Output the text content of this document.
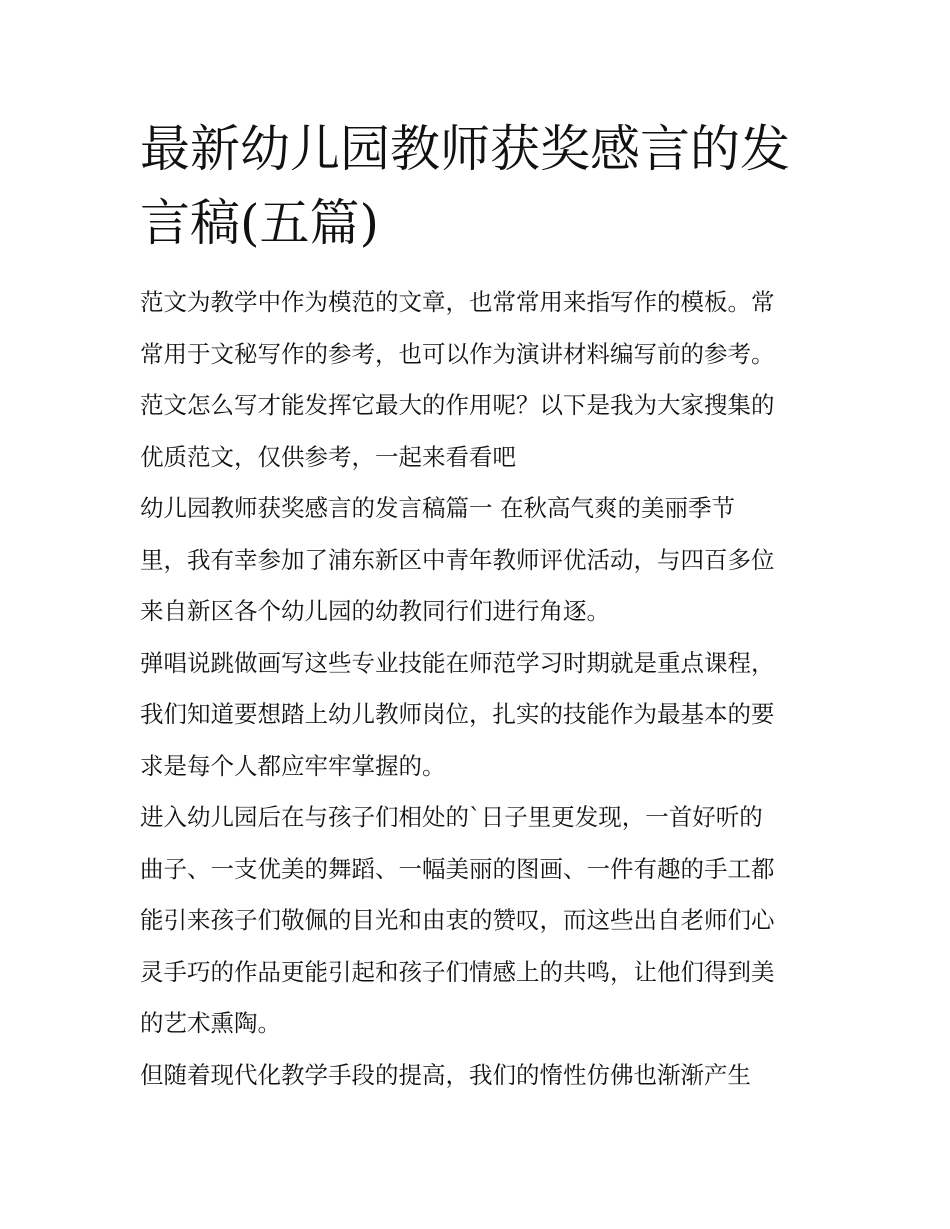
最新幼儿园教师获奖感言的发
言稿(五篇)
范文为教学中作为模范的文章，也常常用来指写作的模板。常
常用于文秘写作的参考，也可以作为演讲材料编写前的参考。
范文怎么写才能发挥它最大的作用呢？以下是我为大家搜集的
优质范文，仅供参考，一起来看看吧
幼儿园教师获奖感言的发言稿篇一 在秋高气爽的美丽季节
里，我有幸参加了浦东新区中青年教师评优活动，与四百多位
来自新区各个幼儿园的幼教同行们进行角逐。
弹唱说跳做画写这些专业技能在师范学习时期就是重点课程，
我们知道要想踏上幼儿教师岗位，扎实的技能作为最基本的要
求是每个人都应牢牢掌握的。
进入幼儿园后在与孩子们相处的`日子里更发现，一首好听的
曲子、一支优美的舞蹈、一幅美丽的图画、一件有趣的手工都
能引来孩子们敬佩的目光和由衷的赞叹，而这些出自老师们心
灵手巧的作品更能引起和孩子们情感上的共鸣，让他们得到美
的艺术熏陶。
但随着现代化教学手段的提高，我们的惰性仿佛也渐渐产生
